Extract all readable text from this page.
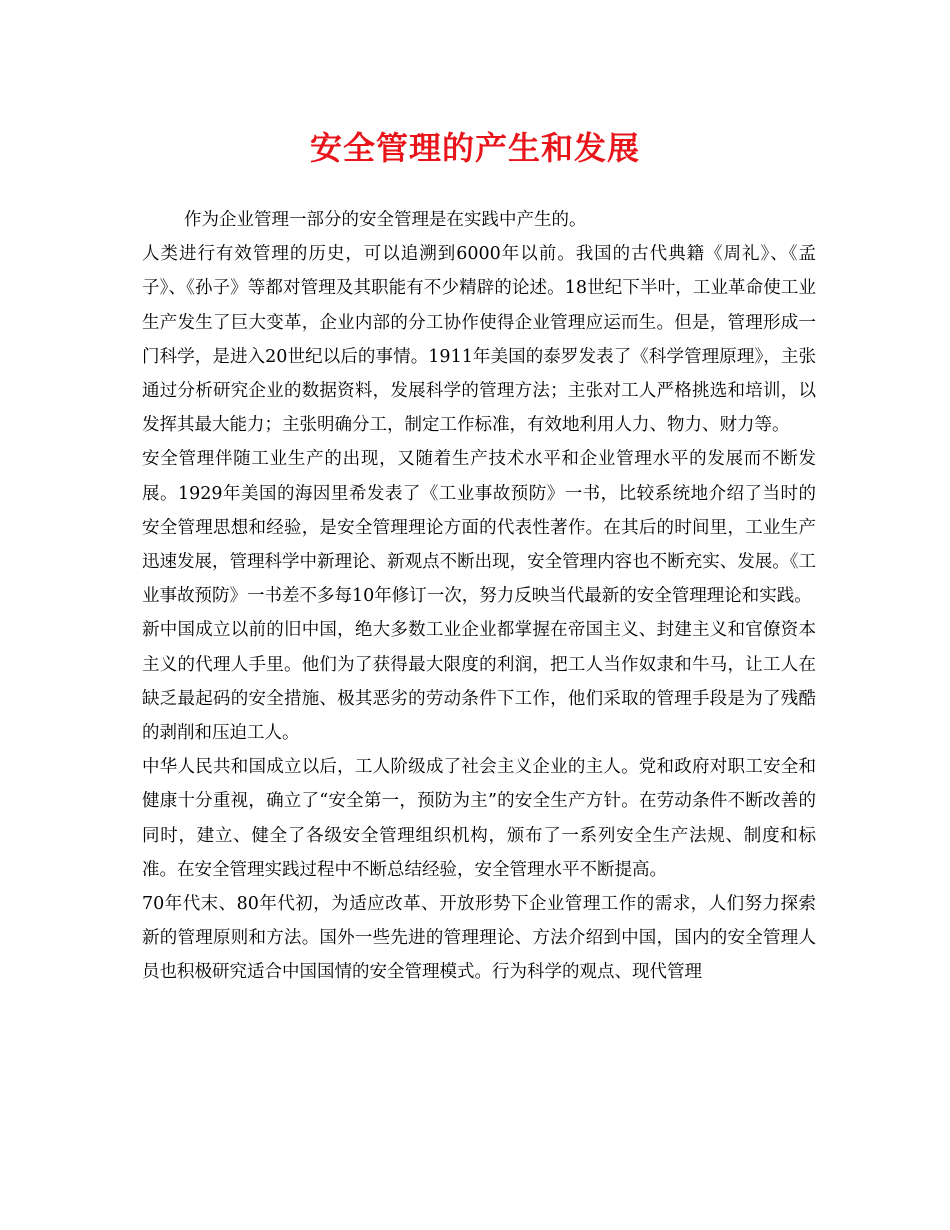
安全管理的产生和发展

作为企业管理一部分的安全管理是在实践中产生的。

人类进行有效管理的历史，可以追溯到6000年以前。我国的古代典籍《周礼》、《孟子》、《孙子》等都对管理及其职能有不少精辟的论述。18世纪下半叶，工业革命使工业生产发生了巨大变革，企业内部的分工协作使得企业管理应运而生。但是，管理形成一门科学，是进入20世纪以后的事情。1911年美国的泰罗发表了《科学管理原理》，主张通过分析研究企业的数据资料，发展科学的管理方法；主张对工人严格挑选和培训，以发挥其最大能力；主张明确分工，制定工作标准，有效地利用人力、物力、财力等。

安全管理伴随工业生产的出现，又随着生产技术水平和企业管理水平的发展而不断发展。1929年美国的海因里希发表了《工业事故预防》一书，比较系统地介绍了当时的安全管理思想和经验，是安全管理理论方面的代表性著作。在其后的时间里，工业生产迅速发展，管理科学中新理论、新观点不断出现，安全管理内容也不断充实、发展。《工业事故预防》一书差不多每10年修订一次，努力反映当代最新的安全管理理论和实践。

新中国成立以前的旧中国，绝大多数工业企业都掌握在帝国主义、封建主义和官僚资本主义的代理人手里。他们为了获得最大限度的利润，把工人当作奴隶和牛马，让工人在缺乏最起码的安全措施、极其恶劣的劳动条件下工作，他们采取的管理手段是为了残酷的剥削和压迫工人。

中华人民共和国成立以后，工人阶级成了社会主义企业的主人。党和政府对职工安全和健康十分重视，确立了“安全第一，预防为主”的安全生产方针。在劳动条件不断改善的同时，建立、健全了各级安全管理组织机构，颁布了一系列安全生产法规、制度和标准。在安全管理实践过程中不断总结经验，安全管理水平不断提高。

70年代末、80年代初，为适应改革、开放形势下企业管理工作的需求，人们努力探索新的管理原则和方法。国外一些先进的管理理论、方法介绍到中国，国内的安全管理人员也积极研究适合中国国情的安全管理模式。行为科学的观点、现代管理
